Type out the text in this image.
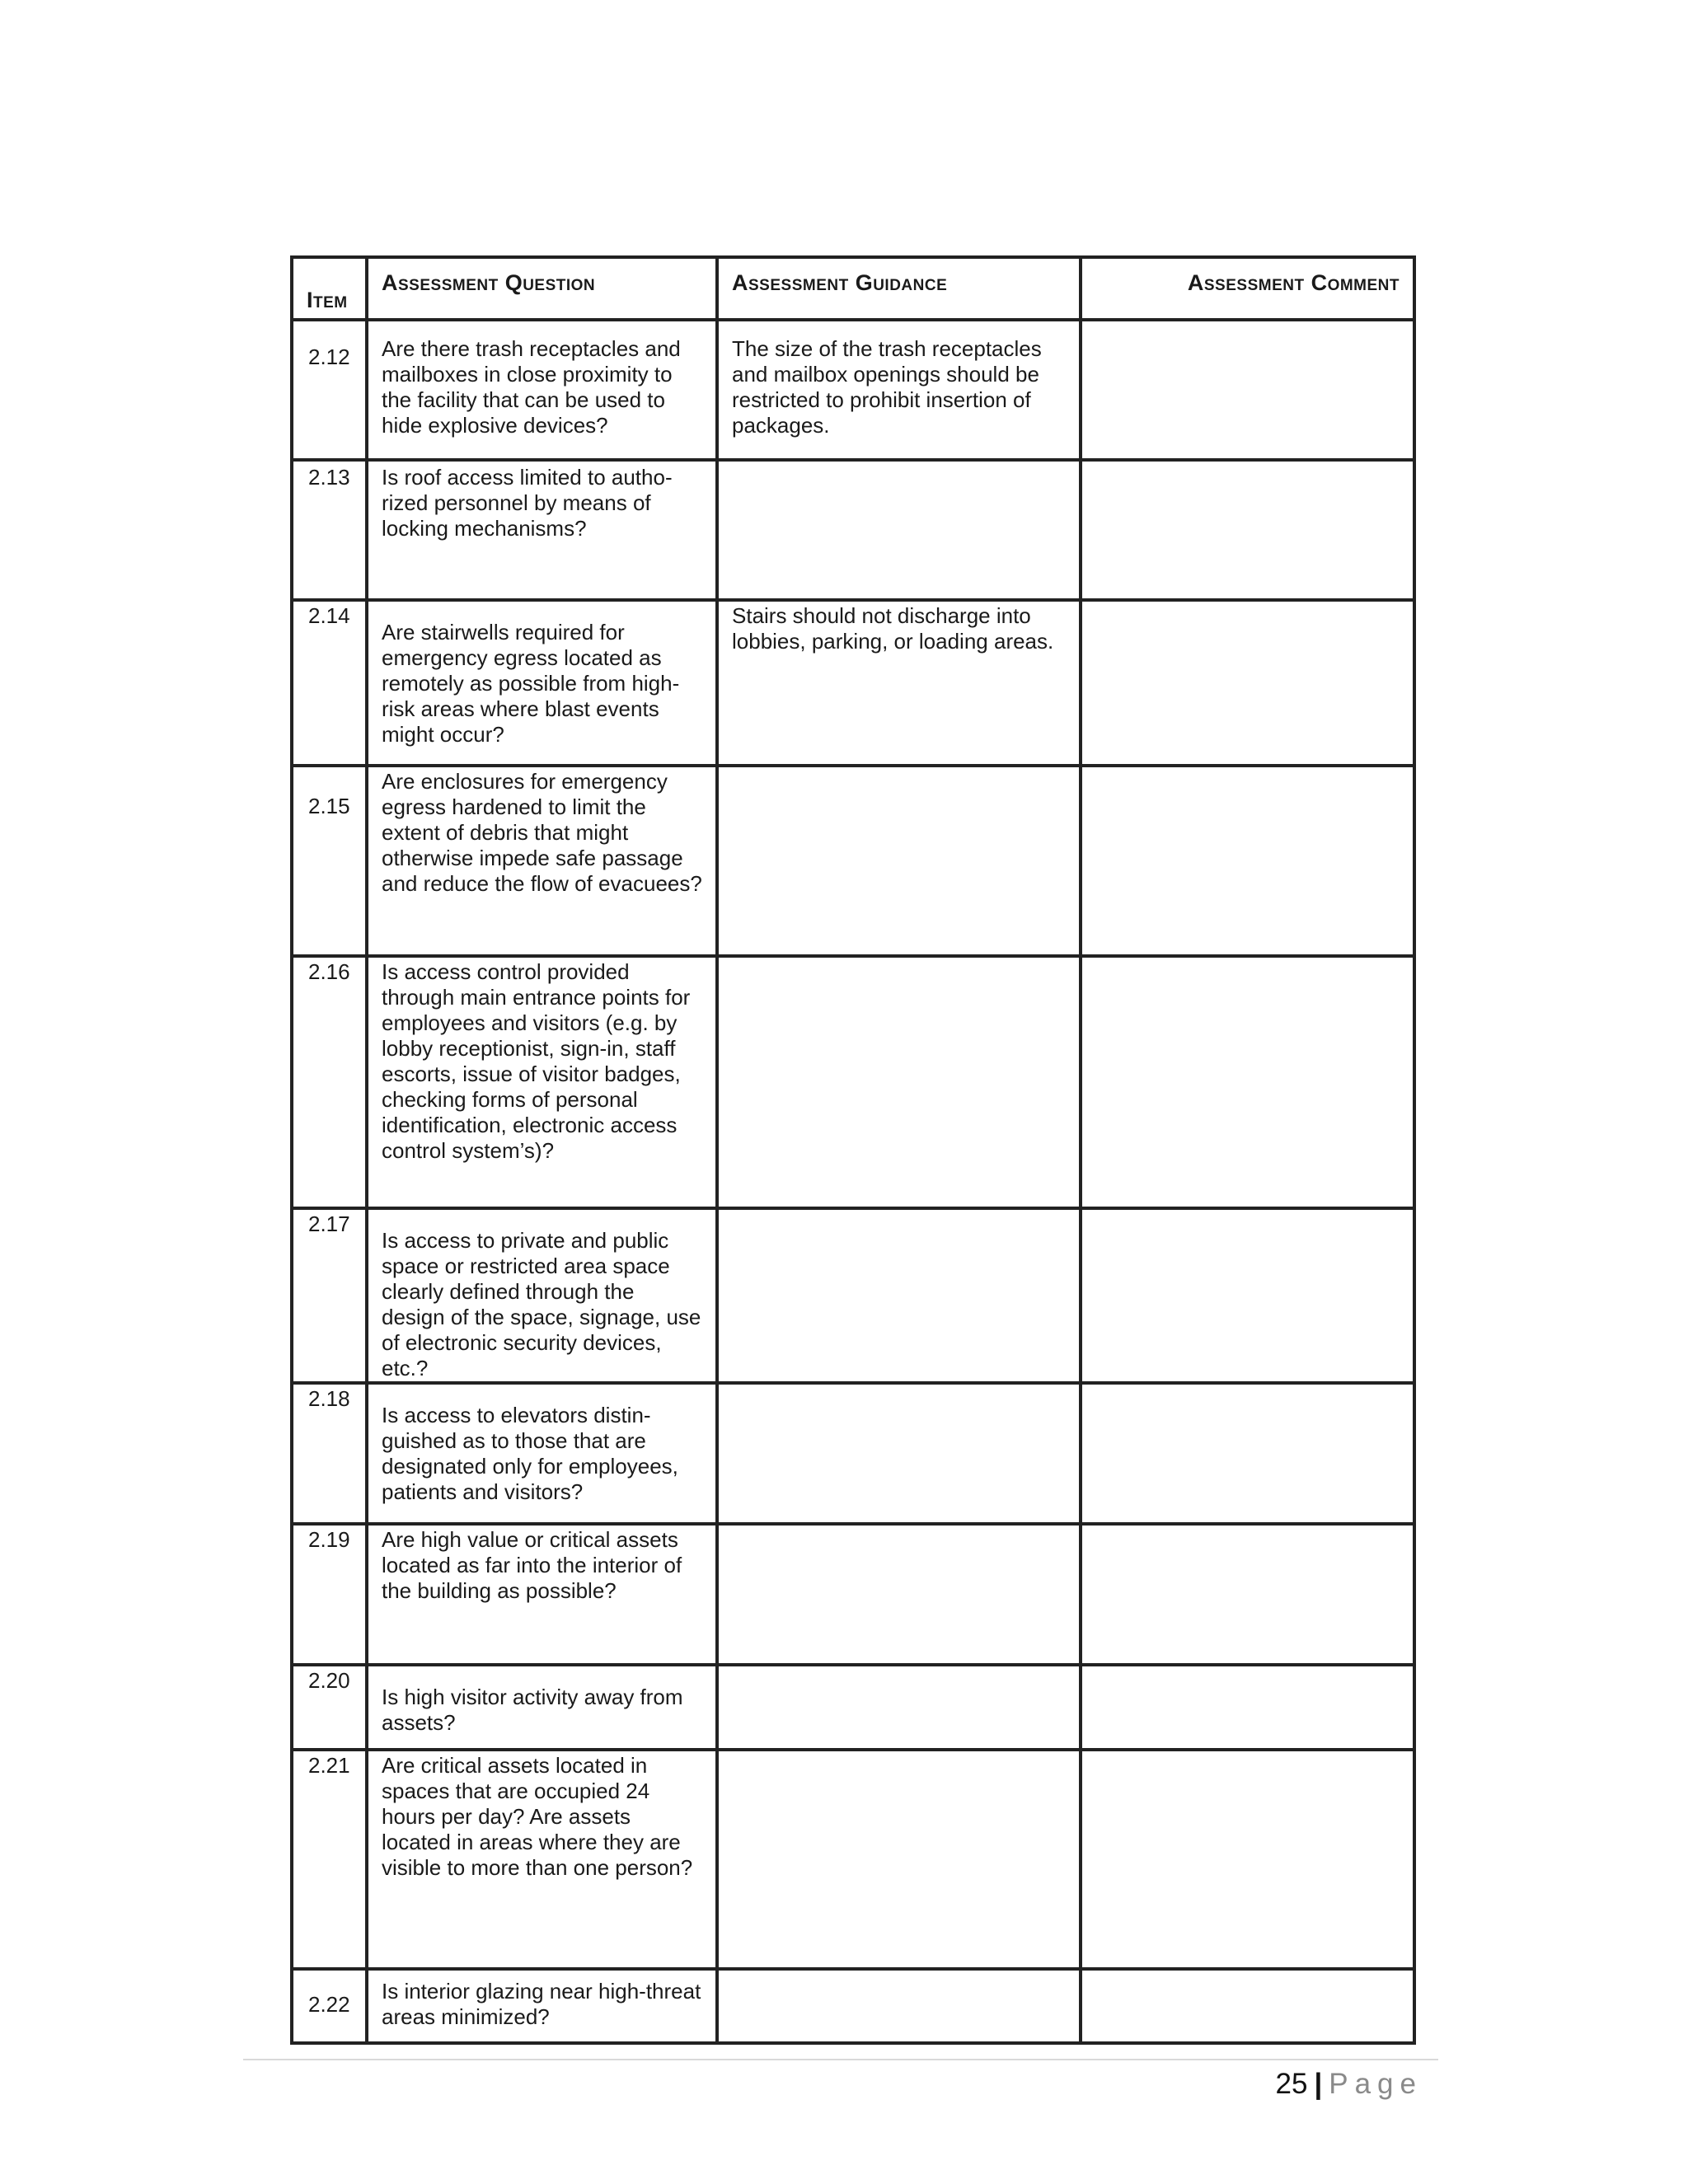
Item	Assessment Question	Assessment Guidance	Assessment Comment
2.12	Are there trash receptacles and mailboxes in close proximity to the facility that can be used to hide explosive devices?	The size of the trash receptacles and mailbox openings should be restricted to prohibit insertion of packages.	
2.13	Is roof access limited to autho-rized personnel by means of locking mechanisms?		
2.14	Are stairwells required for emergency egress located as remotely as possible from high-risk areas where blast events might occur?	Stairs should not discharge into lobbies, parking, or loading areas.	
2.15	Are enclosures for emergency egress hardened to limit the extent of debris that might otherwise impede safe passage and reduce the flow of evacuees?		
2.16	Is access control provided through main entrance points for employees and visitors (e.g. by lobby receptionist, sign-in, staff escorts, issue of visitor badges, checking forms of personal identification, electronic access control system’s)?		
2.17	Is access to private and public space or restricted area space clearly defined through the design of the space, signage, use of electronic security devices, etc.?		
2.18	Is access to elevators distin-guished as to those that are designated only for employees, patients and visitors?		
2.19	Are high value or critical assets located as far into the interior of the building as possible?		
2.20	Is high visitor activity away from assets?		
2.21	Are critical assets located in spaces that are occupied 24 hours per day? Are assets located in areas where they are visible to more than one person?		
2.22	Is interior glazing near high-threat areas minimized?		
25 | Page
